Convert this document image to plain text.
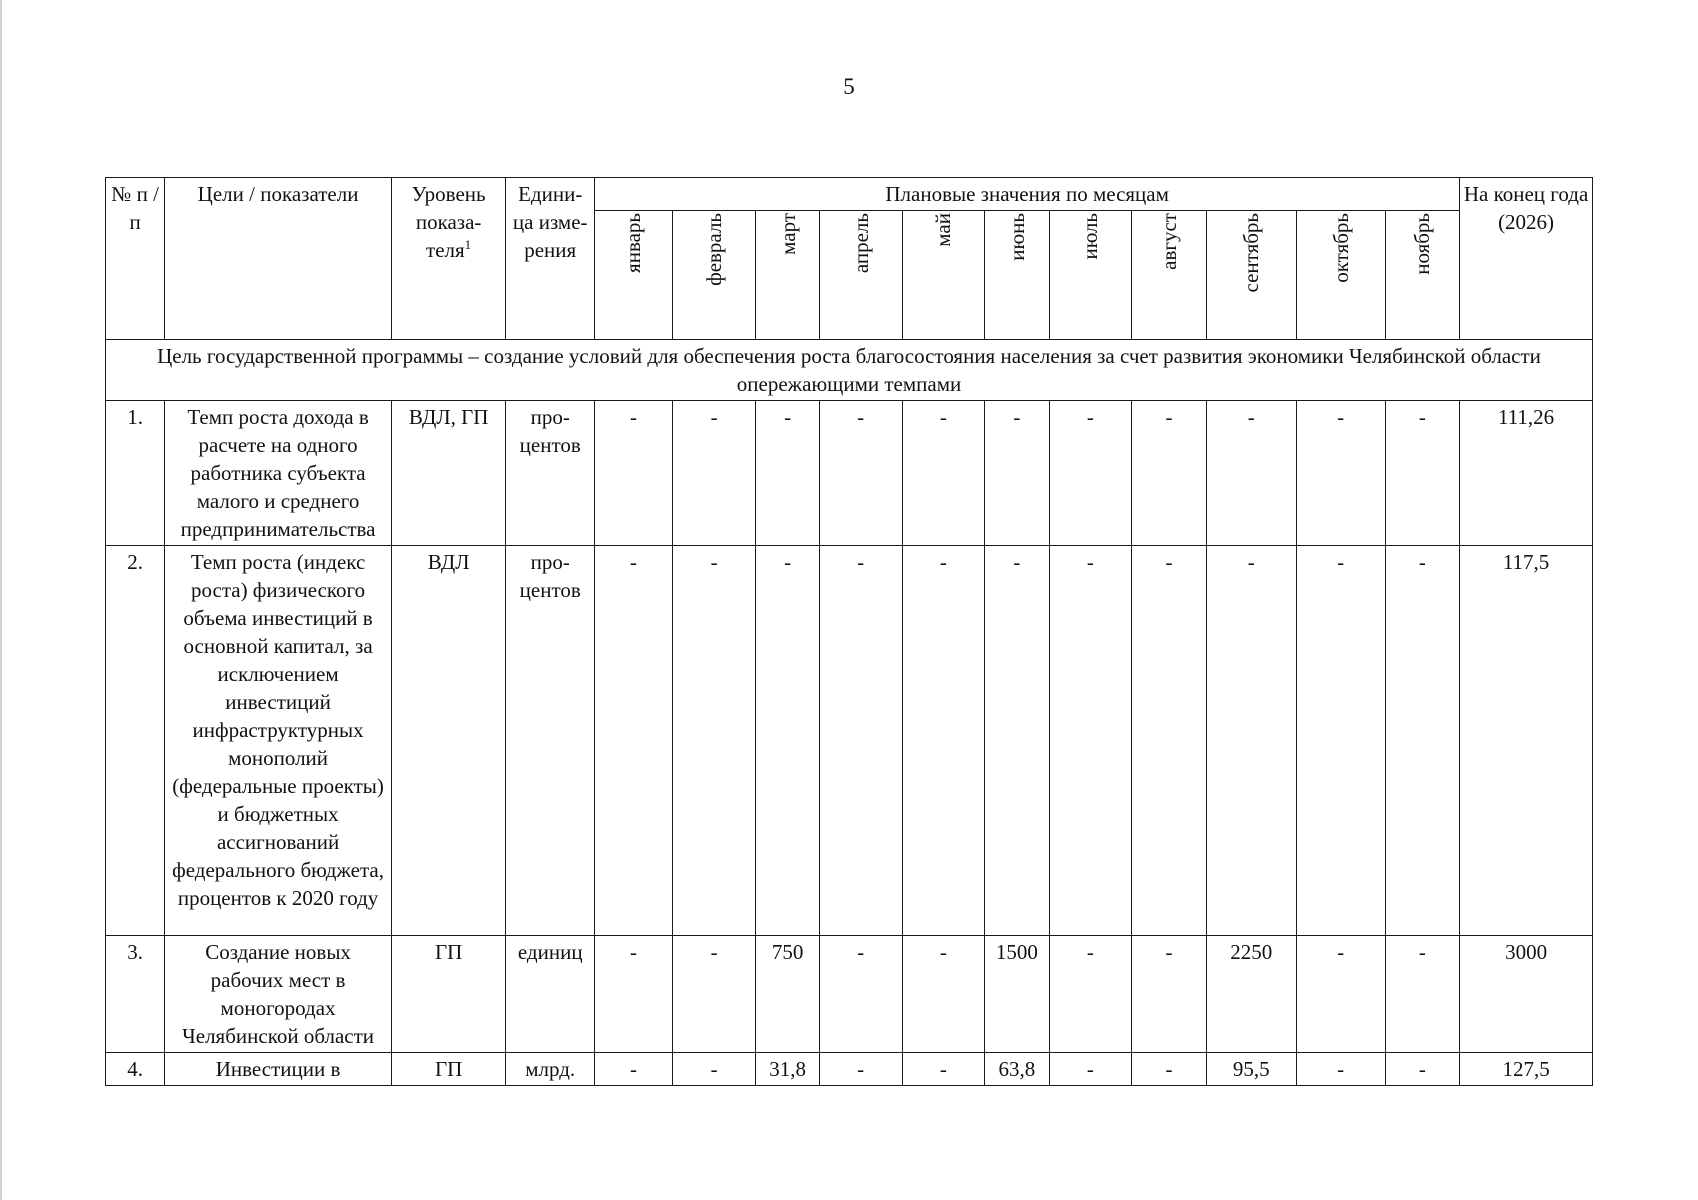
5
№ п / п	Цели / показатели	Уровень показа-теля$^1$	Едини-ца изме-рения	Плановые значения по месяцам											На конец года (2026)
				январь	февраль	март	апрель	май	июнь	июль	август	сентябрь	октябрь	ноябрь	
Цель государственной программы – создание условий для обеспечения роста благосостояния населения за счет развития экономики Челябинской области опережающими темпами															
1.	Темп роста дохода в расчете на одного работника субъекта малого и среднего предпринимательства	ВДЛ, ГП	про-центов	-	-	-	-	-	-	-	-	-	-	-	111,26
2.	Темп роста (индекс роста) физического объема инвестиций в основной капитал, за исключением инвестиций инфраструктурных монополий (федеральные проекты) и бюджетных ассигнований федерального бюджета, процентов к 2020 году	ВДЛ	про-центов	-	-	-	-	-	-	-	-	-	-	-	117,5
3.	Создание новых рабочих мест в моногородах Челябинской области	ГП	единиц	-	-	750	-	-	1500	-	-	2250	-	-	3000
4.	Инвестиции в	ГП	млрд.	-	-	31,8	-	-	63,8	-	-	95,5	-	-	127,5
